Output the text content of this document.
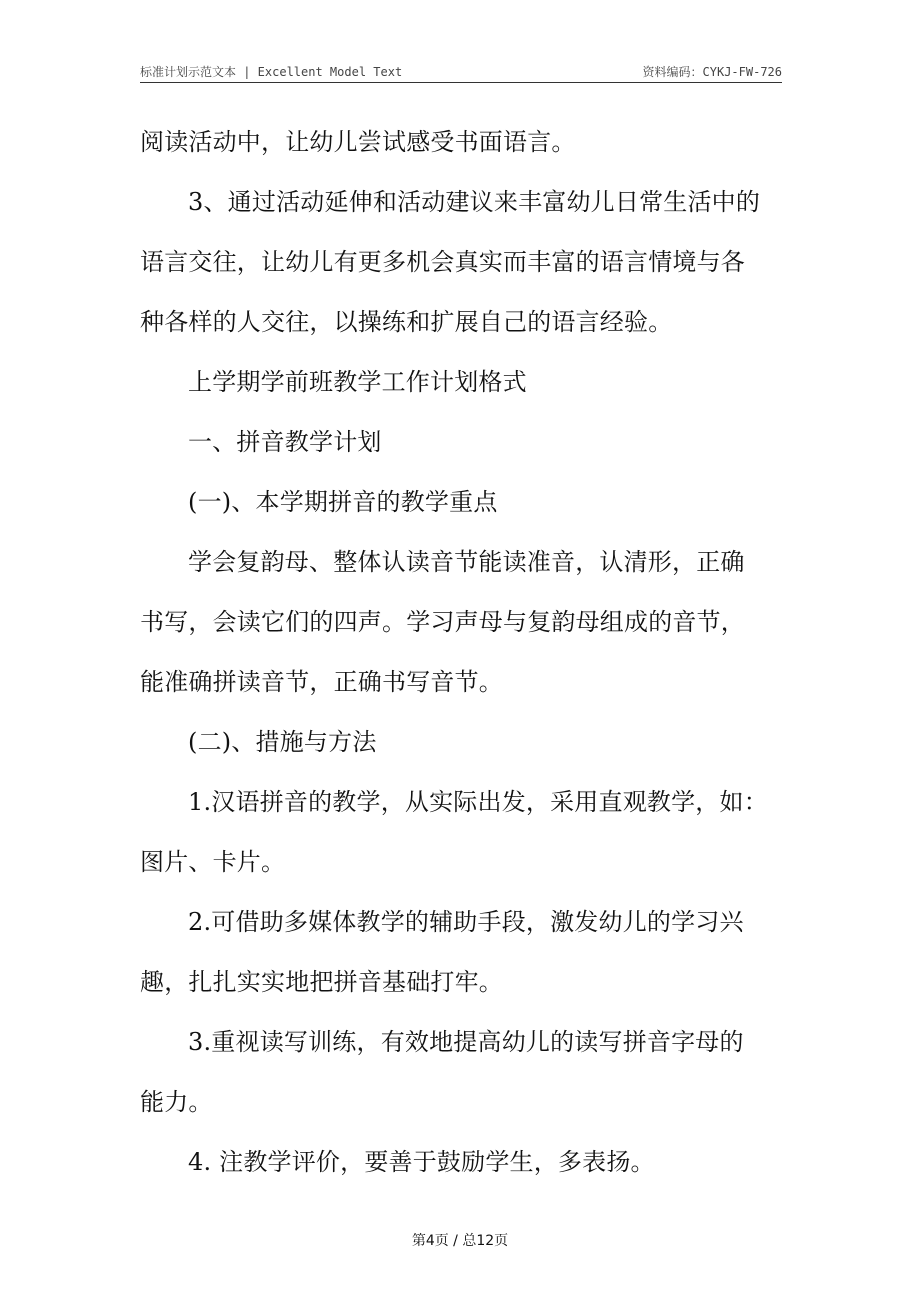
标准计划示范文本 | Excellent Model Text	资料编码：CYKJ-FW-726

阅读活动中，让幼儿尝试感受书面语言。

3、通过活动延伸和活动建议来丰富幼儿日常生活中的

语言交往，让幼儿有更多机会真实而丰富的语言情境与各

种各样的人交往，以操练和扩展自己的语言经验。

上学期学前班教学工作计划格式

一、拼音教学计划

(一)、本学期拼音的教学重点

学会复韵母、整体认读音节能读准音，认清形，正确

书写，会读它们的四声。学习声母与复韵母组成的音节，

能准确拼读音节，正确书写音节。

(二)、措施与方法

1.汉语拼音的教学，从实际出发，采用直观教学，如：

图片、卡片。

2.可借助多媒体教学的辅助手段，激发幼儿的学习兴

趣，扎扎实实地把拼音基础打牢。

3.重视读写训练，有效地提高幼儿的读写拼音字母的

能力。

4. 注教学评价，要善于鼓励学生，多表扬。

第4页 / 总12页
